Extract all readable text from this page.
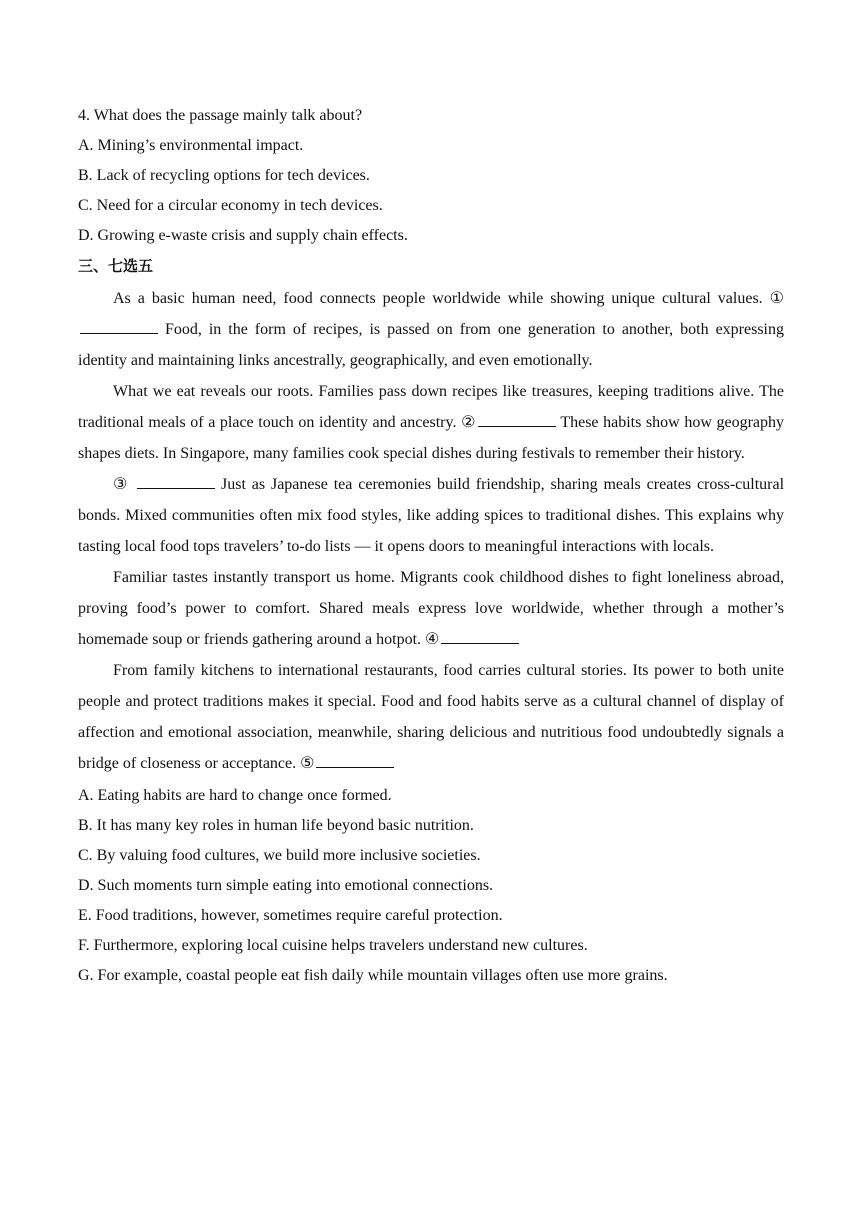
4. What does the passage mainly talk about?
A. Mining’s environmental impact.
B. Lack of recycling options for tech devices.
C. Need for a circular economy in tech devices.
D. Growing e-waste crisis and supply chain effects.
三、七选五

As a basic human need, food connects people worldwide while showing unique cultural values. ① Food, in the form of recipes, is passed on from one generation to another, both expressing identity and maintaining links ancestrally, geographically, and even emotionally.

What we eat reveals our roots. Families pass down recipes like treasures, keeping traditions alive. The traditional meals of a place touch on identity and ancestry. ②	These habits show how geography shapes diets. In Singapore, many families cook special dishes during festivals to remember their history.

③	Just as Japanese tea ceremonies build friendship, sharing meals creates cross-cultural bonds. Mixed communities often mix food styles, like adding spices to traditional dishes. This explains why tasting local food tops travelers’ to-do lists — it opens doors to meaningful interactions with locals.

Familiar tastes instantly transport us home. Migrants cook childhood dishes to fight loneliness abroad, proving food’s power to comfort. Shared meals express love worldwide, whether through a mother’s homemade soup or friends gathering around a hotpot. ④

From family kitchens to international restaurants, food carries cultural stories. Its power to both unite people and protect traditions makes it special. Food and food habits serve as a cultural channel of display of affection and emotional association, meanwhile, sharing delicious and nutritious food undoubtedly signals a bridge of closeness or acceptance. ⑤

A. Eating habits are hard to change once formed.
B. It has many key roles in human life beyond basic nutrition.
C. By valuing food cultures, we build more inclusive societies.
D. Such moments turn simple eating into emotional connections.
E. Food traditions, however, sometimes require careful protection.
F. Furthermore, exploring local cuisine helps travelers understand new cultures.
G. For example, coastal people eat fish daily while mountain villages often use more grains.
